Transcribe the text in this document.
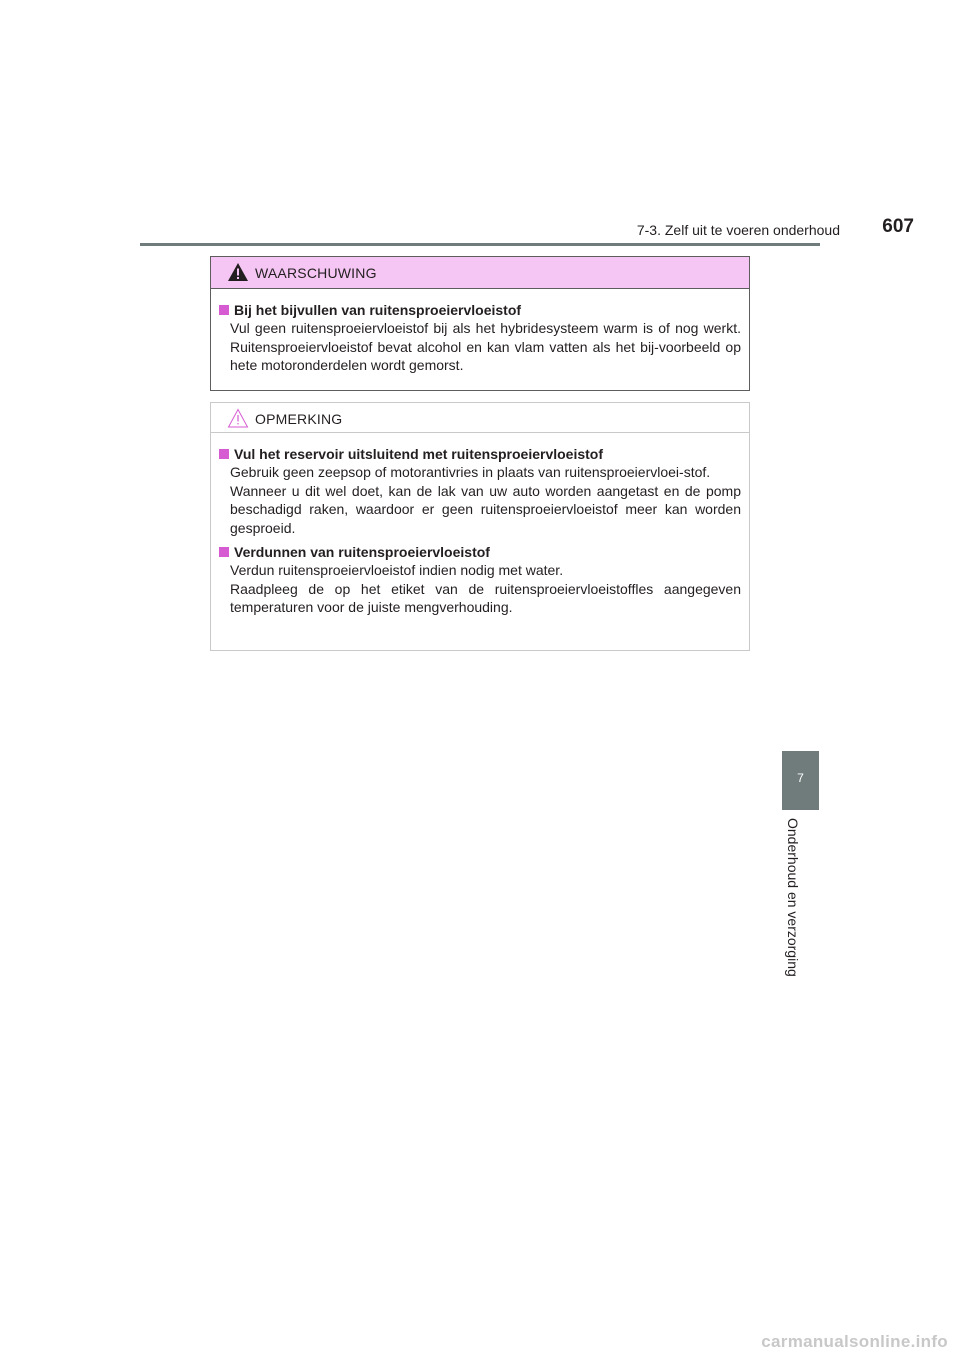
7-3. Zelf uit te voeren onderhoud 607
WAARSCHUWING
Bij het bijvullen van ruitensproeiervloeistof

Vul geen ruitensproeiervloeistof bij als het hybridesysteem warm is of nog werkt. Ruitensproeiervloeistof bevat alcohol en kan vlam vatten als het bij-voorbeeld op hete motoronderdelen wordt gemorst.

OPMERKING
Vul het reservoir uitsluitend met ruitensproeiervloeistof

Gebruik geen zeepsop of motorantivries in plaats van ruitensproeiervloei-stof.

Wanneer u dit wel doet, kan de lak van uw auto worden aangetast en de pomp beschadigd raken, waardoor er geen ruitensproeiervloeistof meer kan worden gesproeid.

Verdunnen van ruitensproeiervloeistof

Verdun ruitensproeiervloeistof indien nodig met water.

Raadpleeg de op het etiket van de ruitensproeiervloeistoffles aangegeven temperaturen voor de juiste mengverhouding.

7
Onderhoud en verzorging
carmanualsonline.info
